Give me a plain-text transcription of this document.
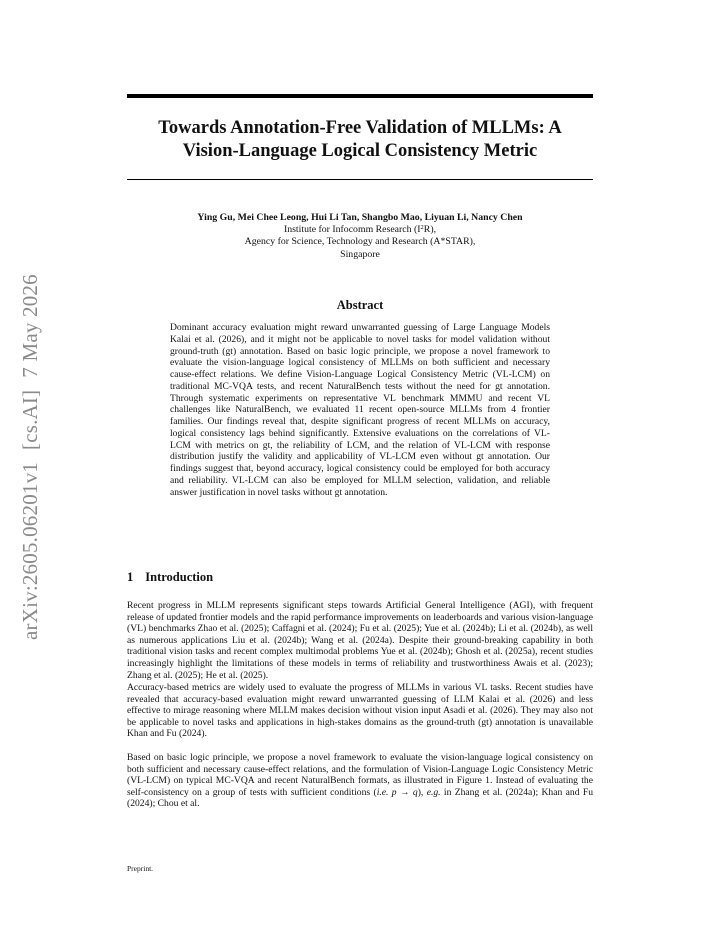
arXiv:2605.06201v1[cs.AI]7 May 2026
Towards Annotation-Free Validation of MLLMs: A
Vision-Language Logical Consistency Metric
Ying Gu, Mei Chee Leong, Hui Li Tan, Shangbo Mao, Liyuan Li, Nancy Chen
Institute for Infocomm Research $(I^2R)$,
Agency for Science, Technology and Research (A*STAR),
Singapore
Abstract

Dominant accuracy evaluation might reward unwarranted guessing of Large Language Models Kalai et al. (2026), and it might not be applicable to novel tasks for model validation without ground-truth (gt) annotation. Based on basic logic principle, we propose a novel framework to evaluate the vision-language logical consistency of MLLMs on both sufficient and necessary cause-effect relations. We define Vision-Language Logical Consistency Metric (VL-LCM) on traditional MC-VQA tests, and recent NaturalBench tests without the need for gt annotation. Through systematic experiments on representative VL benchmark MMMU and recent VL challenges like NaturalBench, we evaluated 11 recent open-source MLLMs from 4 frontier families. Our findings reveal that, despite significant progress of recent MLLMs on accuracy, logical consistency lags behind significantly. Extensive evaluations on the correlations of VL-LCM with metrics on gt, the reliability of LCM, and the relation of VL-LCM with response distribution justify the validity and applicability of VL-LCM even without gt annotation. Our findings suggest that, beyond accuracy, logical consistency could be employed for both accuracy and reliability. VL-LCM can also be employed for MLLM selection, validation, and reliable answer justification in novel tasks without gt annotation.

1 Introduction

Recent progress in MLLM represents significant steps towards Artificial General Intelligence (AGI), with frequent release of updated frontier models and the rapid performance improvements on leaderboards and various vision-language (VL) benchmarks Zhao et al. (2025); Caffagni et al. (2024); Fu et al. (2025); Yue et al. (2024b); Li et al. (2024b), as well as numerous applications Liu et al. (2024b); Wang et al. (2024a). Despite their ground-breaking capability in both traditional vision tasks and recent complex multimodal problems Yue et al. (2024b); Ghosh et al. (2025a), recent studies increasingly highlight the limitations of these models in terms of reliability and trustworthiness Awais et al. (2023); Zhang et al. (2025); He et al. (2025).

Accuracy-based metrics are widely used to evaluate the progress of MLLMs in various VL tasks. Recent studies have revealed that accuracy-based evaluation might reward unwarranted guessing of LLM Kalai et al. (2026) and less effective to mirage reasoning where MLLM makes decision without vision input Asadi et al. (2026). They may also not be applicable to novel tasks and applications in high-stakes domains as the ground-truth (gt) annotation is unavailable Khan and Fu (2024).

Based on basic logic principle, we propose a novel framework to evaluate the vision-language logical consistency on both sufficient and necessary cause-effect relations, and the formulation of Vision-Language Logic Consistency Metric (VL-LCM) on typical MC-VQA and recent NaturalBench formats, as illustrated in Figure 1. Instead of evaluating the self-consistency on a group of tests with sufficient conditions (i.e. p → q), e.g. in Zhang et al. (2024a); Khan and Fu (2024); Chou et al.

Preprint.
